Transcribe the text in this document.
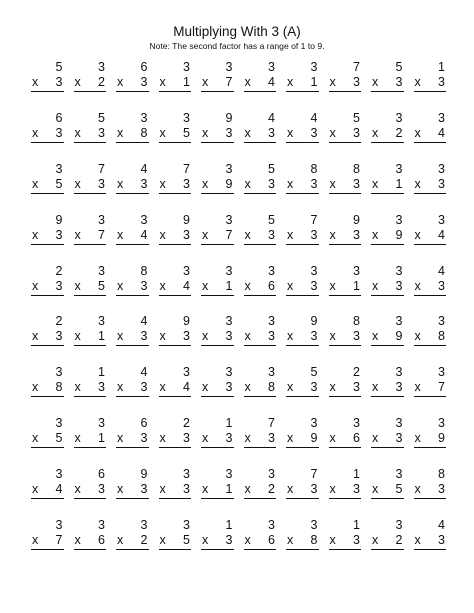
Multiplying With 3 (A)
Note: The second factor has a range of 1 to 9.
5
x 3
3
x 2
6
x 3
3
x 1
3
x 7
3
x 4
3
x 1
7
x 3
5
x 3
1
x 3
6
x 3
5
x 3
3
x 8
3
x 5
9
x 3
4
x 3
4
x 3
5
x 3
3
x 2
3
x 4
3
x 5
7
x 3
4
x 3
7
x 3
3
x 9
5
x 3
8
x 3
8
x 3
3
x 1
3
x 3
9
x 3
3
x 7
3
x 4
9
x 3
3
x 7
5
x 3
7
x 3
9
x 3
3
x 9
3
x 4
2
x 3
3
x 5
8
x 3
3
x 4
3
x 1
3
x 6
3
x 3
3
x 1
3
x 3
4
x 3
2
x 3
3
x 1
4
x 3
9
x 3
3
x 3
3
x 3
9
x 3
8
x 3
3
x 9
3
x 8
3
x 8
1
x 3
4
x 3
3
x 4
3
x 3
3
x 8
5
x 3
2
x 3
3
x 3
3
x 7
3
x 5
3
x 1
6
x 3
2
x 3
1
x 3
7
x 3
3
x 9
3
x 6
3
x 3
3
x 9
3
x 4
6
x 3
9
x 3
3
x 3
3
x 1
3
x 2
7
x 3
1
x 3
3
x 5
8
x 3
3
x 7
3
x 6
3
x 2
3
x 5
1
x 3
3
x 6
3
x 8
1
x 3
3
x 2
4
x 3
